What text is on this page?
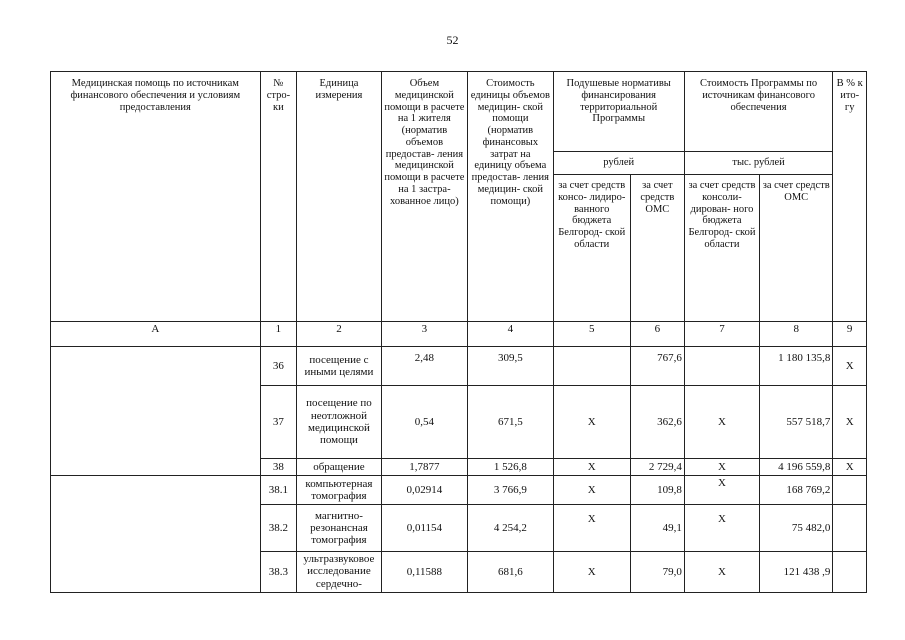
52
Медицинская помощь по источникам финансового обеспечения и условиям предоставления	№ стро- ки	Единица измерения	Объем медицинской помощи в расчете на 1 жителя (норматив объемов предостав- ления медицинской помощи в расчете на 1 застра- хованное лицо)	Стоимость единицы объемов медицин- ской помощи (норматив финансовых затрат на единицу объема предостав- ления медицин- ской помощи)	Подушевые нормативы финансирования территориальной Программы		Стоимость Программы по источникам финансового обеспечения		В % к ито- гу
					рублей		тыс. рублей		
					за счет средств консо- лидиро- ванного бюджета Белгород- ской области	за счет средств ОМС	за счет средств консоли- дирован- ного бюджета Белгород- ской области	за счет средств ОМС	
А	1	2	3	4	5	6	7	8	9
	36	посещение с иными целями	2,48	309,5		767,6		1 180 135,8	Х
	37	посещение по неотложной медицинской помощи	0,54	671,5	Х	362,6	Х	557 518,7	Х
	38	обращение	1,7877	1 526,8	Х	2 729,4	Х	4 196 559,8	Х
	38.1	компьютерная томография	0,02914	3 766,9	Х	109,8	Х	168 769,2	
	38.2	магнитно- резонансная томография	0,01154	4 254,2	Х	49,1	Х	75 482,0	
	38.3	ультразвуковое исследование сердечно-	0,11588	681,6	Х	79,0	Х	121 438 ,9	
